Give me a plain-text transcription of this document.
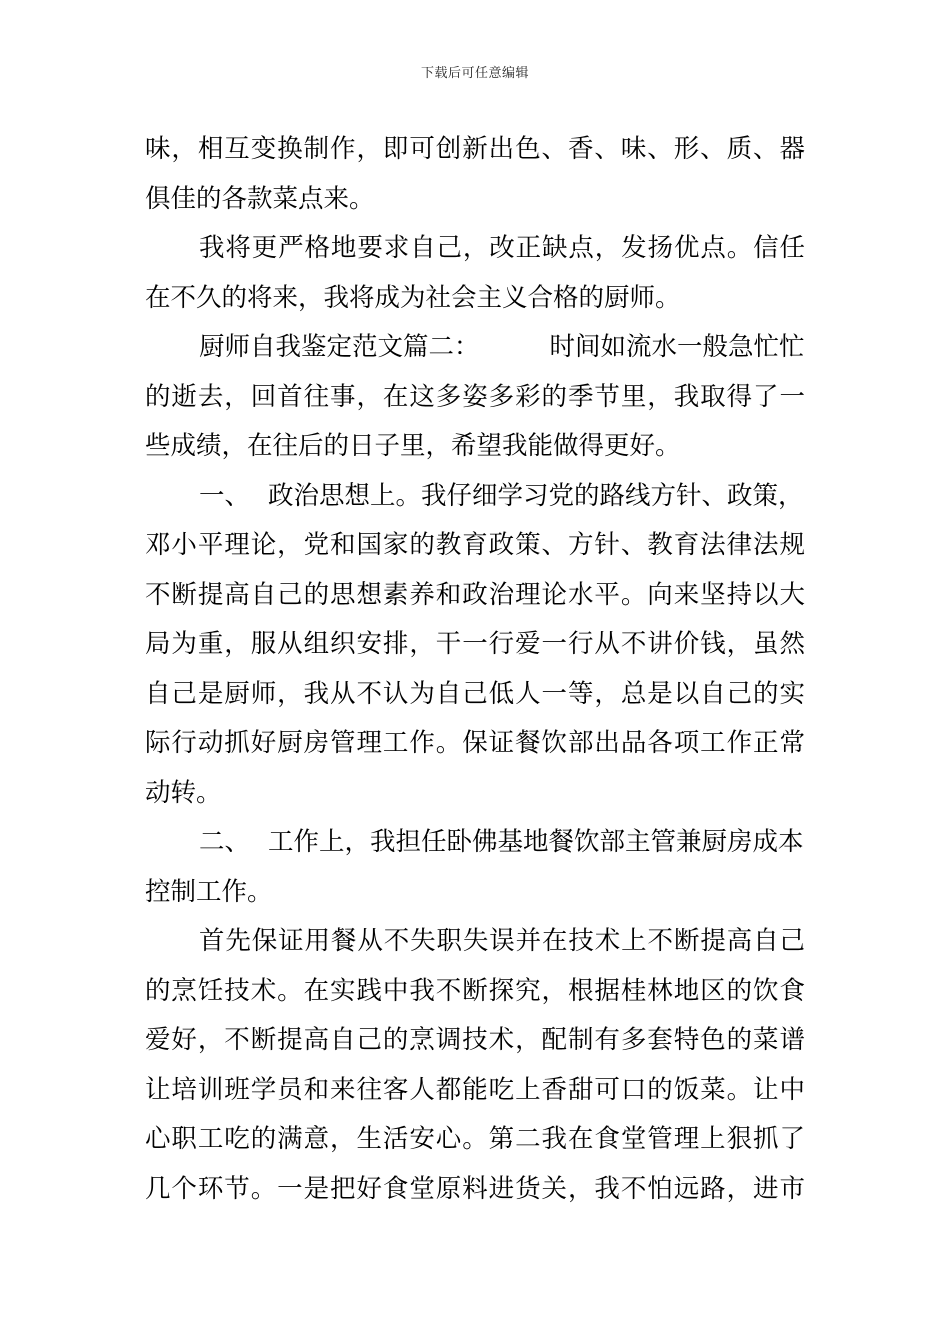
下载后可任意编辑
味，相互变换制作，即可创新出色、香、味、形、质、器
俱佳的各款菜点来。
我将更严格地要求自己，改正缺点，发扬优点。信任
在不久的将来，我将成为社会主义合格的厨师。
厨师自我鉴定范文篇二：	时间如流水一般急忙忙
的逝去，回首往事，在这多姿多彩的季节里，我取得了一
些成绩，在往后的日子里，希望我能做得更好。
一、 政治思想上。我仔细学习党的路线方针、政策，
邓小平理论，党和国家的教育政策、方针、教育法律法规
不断提高自己的思想素养和政治理论水平。向来坚持以大
局为重，服从组织安排，干一行爱一行从不讲价钱，虽然
自己是厨师，我从不认为自己低人一等，总是以自己的实
际行动抓好厨房管理工作。保证餐饮部出品各项工作正常
动转。
二、 工作上，我担任卧佛基地餐饮部主管兼厨房成本
控制工作。
首先保证用餐从不失职失误并在技术上不断提高自己
的烹饪技术。在实践中我不断探究，根据桂林地区的饮食
爱好，不断提高自己的烹调技术，配制有多套特色的菜谱
让培训班学员和来往客人都能吃上香甜可口的饭菜。让中
心职工吃的满意，生活安心。第二我在食堂管理上狠抓了
几个环节。一是把好食堂原料进货关，我不怕远路，进市
